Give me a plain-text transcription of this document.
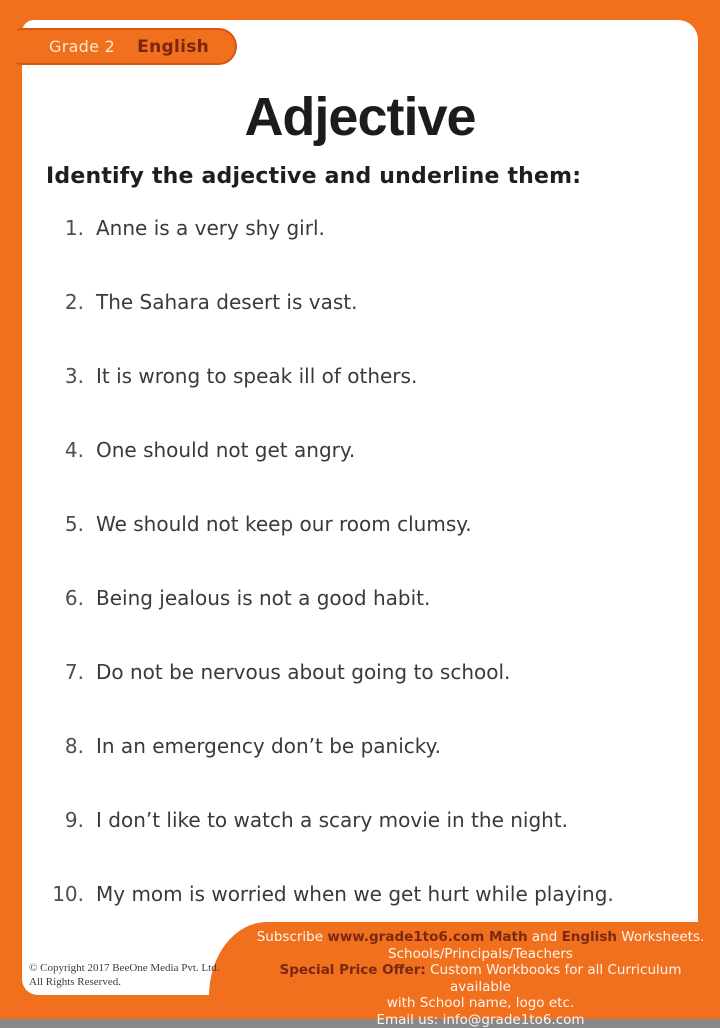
Adjective
Identify the adjective and underline them:
1. Anne is a very shy girl.
2. The Sahara desert is vast.
3. It is wrong to speak ill of others.
4. One should not get angry.
5. We should not keep our room clumsy.
6. Being jealous is not a good habit.
7. Do not be nervous about going to school.
8. In an emergency don’t be panicky.
9. I don’t like to watch a scary movie in the night.
10. My mom is worried when we get hurt while playing.
Grade 2 English
Subscribe www.grade1to6.com Math and English Worksheets.
Schools/Principals/Teachers
Special Price Offer: Custom Workbooks for all Curriculum available
with School name, logo etc.
Email us: info@grade1to6.com
© Copyright 2017 BeeOne Media Pvt. Ltd.
All Rights Reserved.
